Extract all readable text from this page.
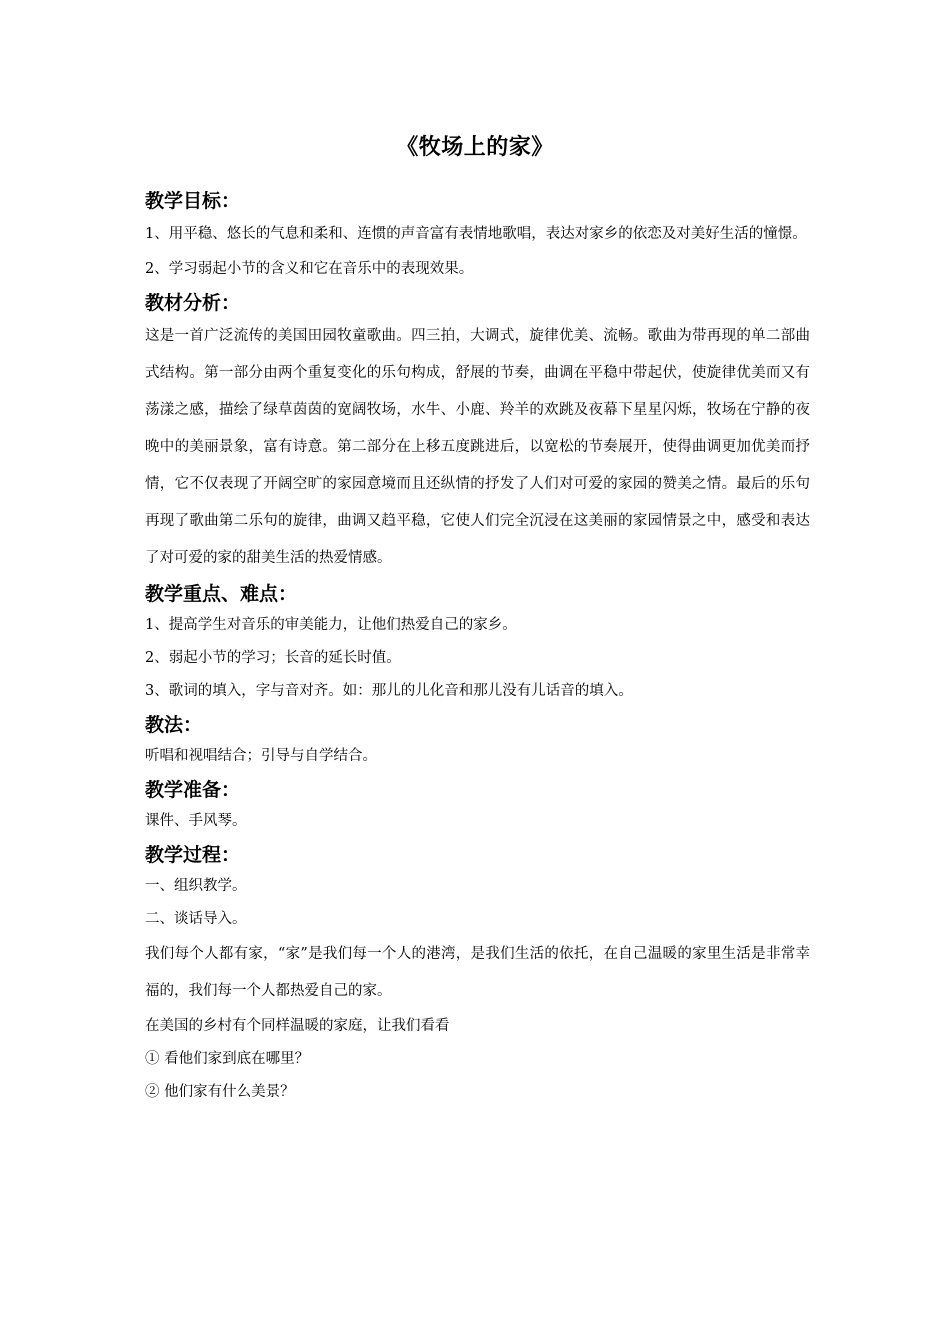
《牧场上的家》
教学目标：

1、用平稳、悠长的气息和柔和、连惯的声音富有表情地歌唱，表达对家乡的依恋及对美好生活的憧憬。

2、学习弱起小节的含义和它在音乐中的表现效果。

教材分析：

这是一首广泛流传的美国田园牧童歌曲。四三拍，大调式，旋律优美、流畅。歌曲为带再现的单二部曲式结构。第一部分由两个重复变化的乐句构成，舒展的节奏，曲调在平稳中带起伏，使旋律优美而又有荡漾之感，描绘了绿草茵茵的宽阔牧场，水牛、小鹿、羚羊的欢跳及夜幕下星星闪烁，牧场在宁静的夜晚中的美丽景象，富有诗意。第二部分在上移五度跳进后，以宽松的节奏展开，使得曲调更加优美而抒情，它不仅表现了开阔空旷的家园意境而且还纵情的抒发了人们对可爱的家园的赞美之情。最后的乐句再现了歌曲第二乐句的旋律，曲调又趋平稳，它使人们完全沉浸在这美丽的家园情景之中，感受和表达了对可爱的家的甜美生活的热爱情感。

教学重点、难点：

1、提高学生对音乐的审美能力，让他们热爱自己的家乡。

2、弱起小节的学习；长音的延长时值。

3、歌词的填入，字与音对齐。如：那儿的儿化音和那儿没有儿话音的填入。

教法：

听唱和视唱结合；引导与自学结合。

教学准备：

课件、手风琴。

教学过程：

一、组织教学。

二、谈话导入。

我们每个人都有家，“家”是我们每一个人的港湾，是我们生活的依托，在自己温暖的家里生活是非常幸福的，我们每一个人都热爱自己的家。

在美国的乡村有个同样温暖的家庭，让我们看看

① 看他们家到底在哪里？

② 他们家有什么美景？
